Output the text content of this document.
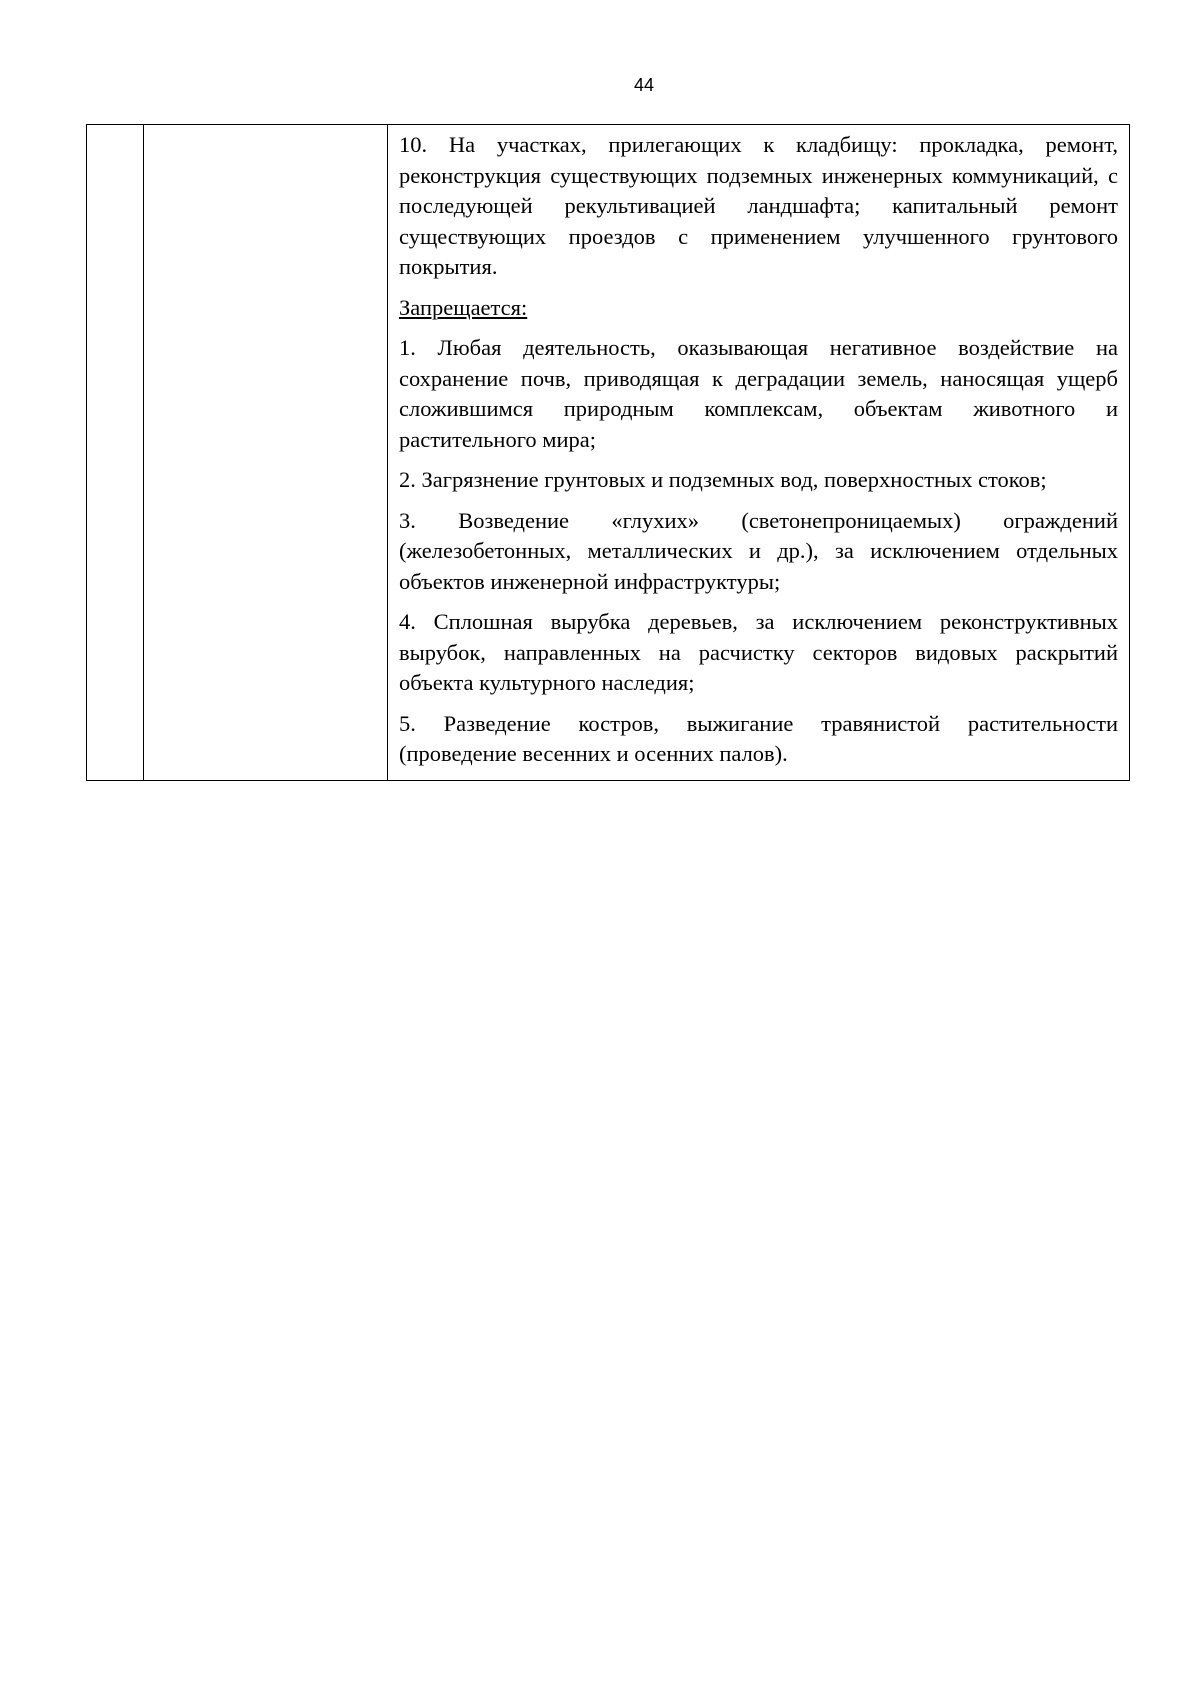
44

10. На участках, прилегающих к кладбищу: прокладка, ремонт, реконструкция существующих подземных инженерных коммуникаций, с последующей рекультивацией ландшафта; капитальный ремонт существующих проездов с применением улучшенного грунтового покрытия.

Запрещается:

1. Любая деятельность, оказывающая негативное воздействие на сохранение почв, приводящая к деградации земель, наносящая ущерб сложившимся природным комплексам, объектам животного и растительного мира;

2. Загрязнение грунтовых и подземных вод, поверхностных стоков;

3. Возведение «глухих» (светонепроницаемых) ограждений (железобетонных, металлических и др.), за исключением отдельных объектов инженерной инфраструктуры;

4. Сплошная вырубка деревьев, за исключением реконструктивных вырубок, направленных на расчистку секторов видовых раскрытий объекта культурного наследия;

5. Разведение костров, выжигание травянистой растительности (проведение весенних и осенних палов).
